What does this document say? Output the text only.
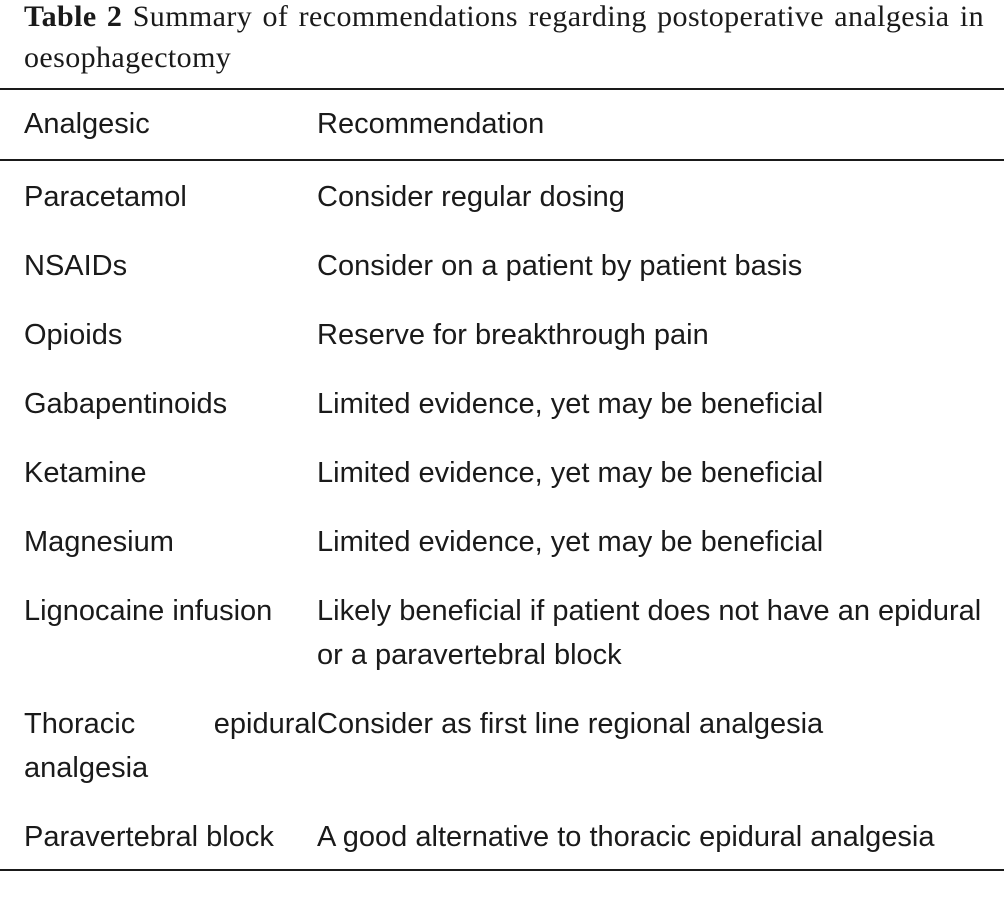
Table 2 Summary of recommendations regarding postoperative analgesia in oesophagectomy

Analgesic	Recommendation
Paracetamol	Consider regular dosing
NSAIDs	Consider on a patient by patient basis
Opioids	Reserve for breakthrough pain
Gabapentinoids	Limited evidence, yet may be beneficial
Ketamine	Limited evidence, yet may be beneficial
Magnesium	Limited evidence, yet may be beneficial
Lignocaine infusion	Likely beneficial if patient does not have an epidural or a paravertebral block
Thoracic epidural analgesia	Consider as first line regional analgesia
Paravertebral block	A good alternative to thoracic epidural analgesia
